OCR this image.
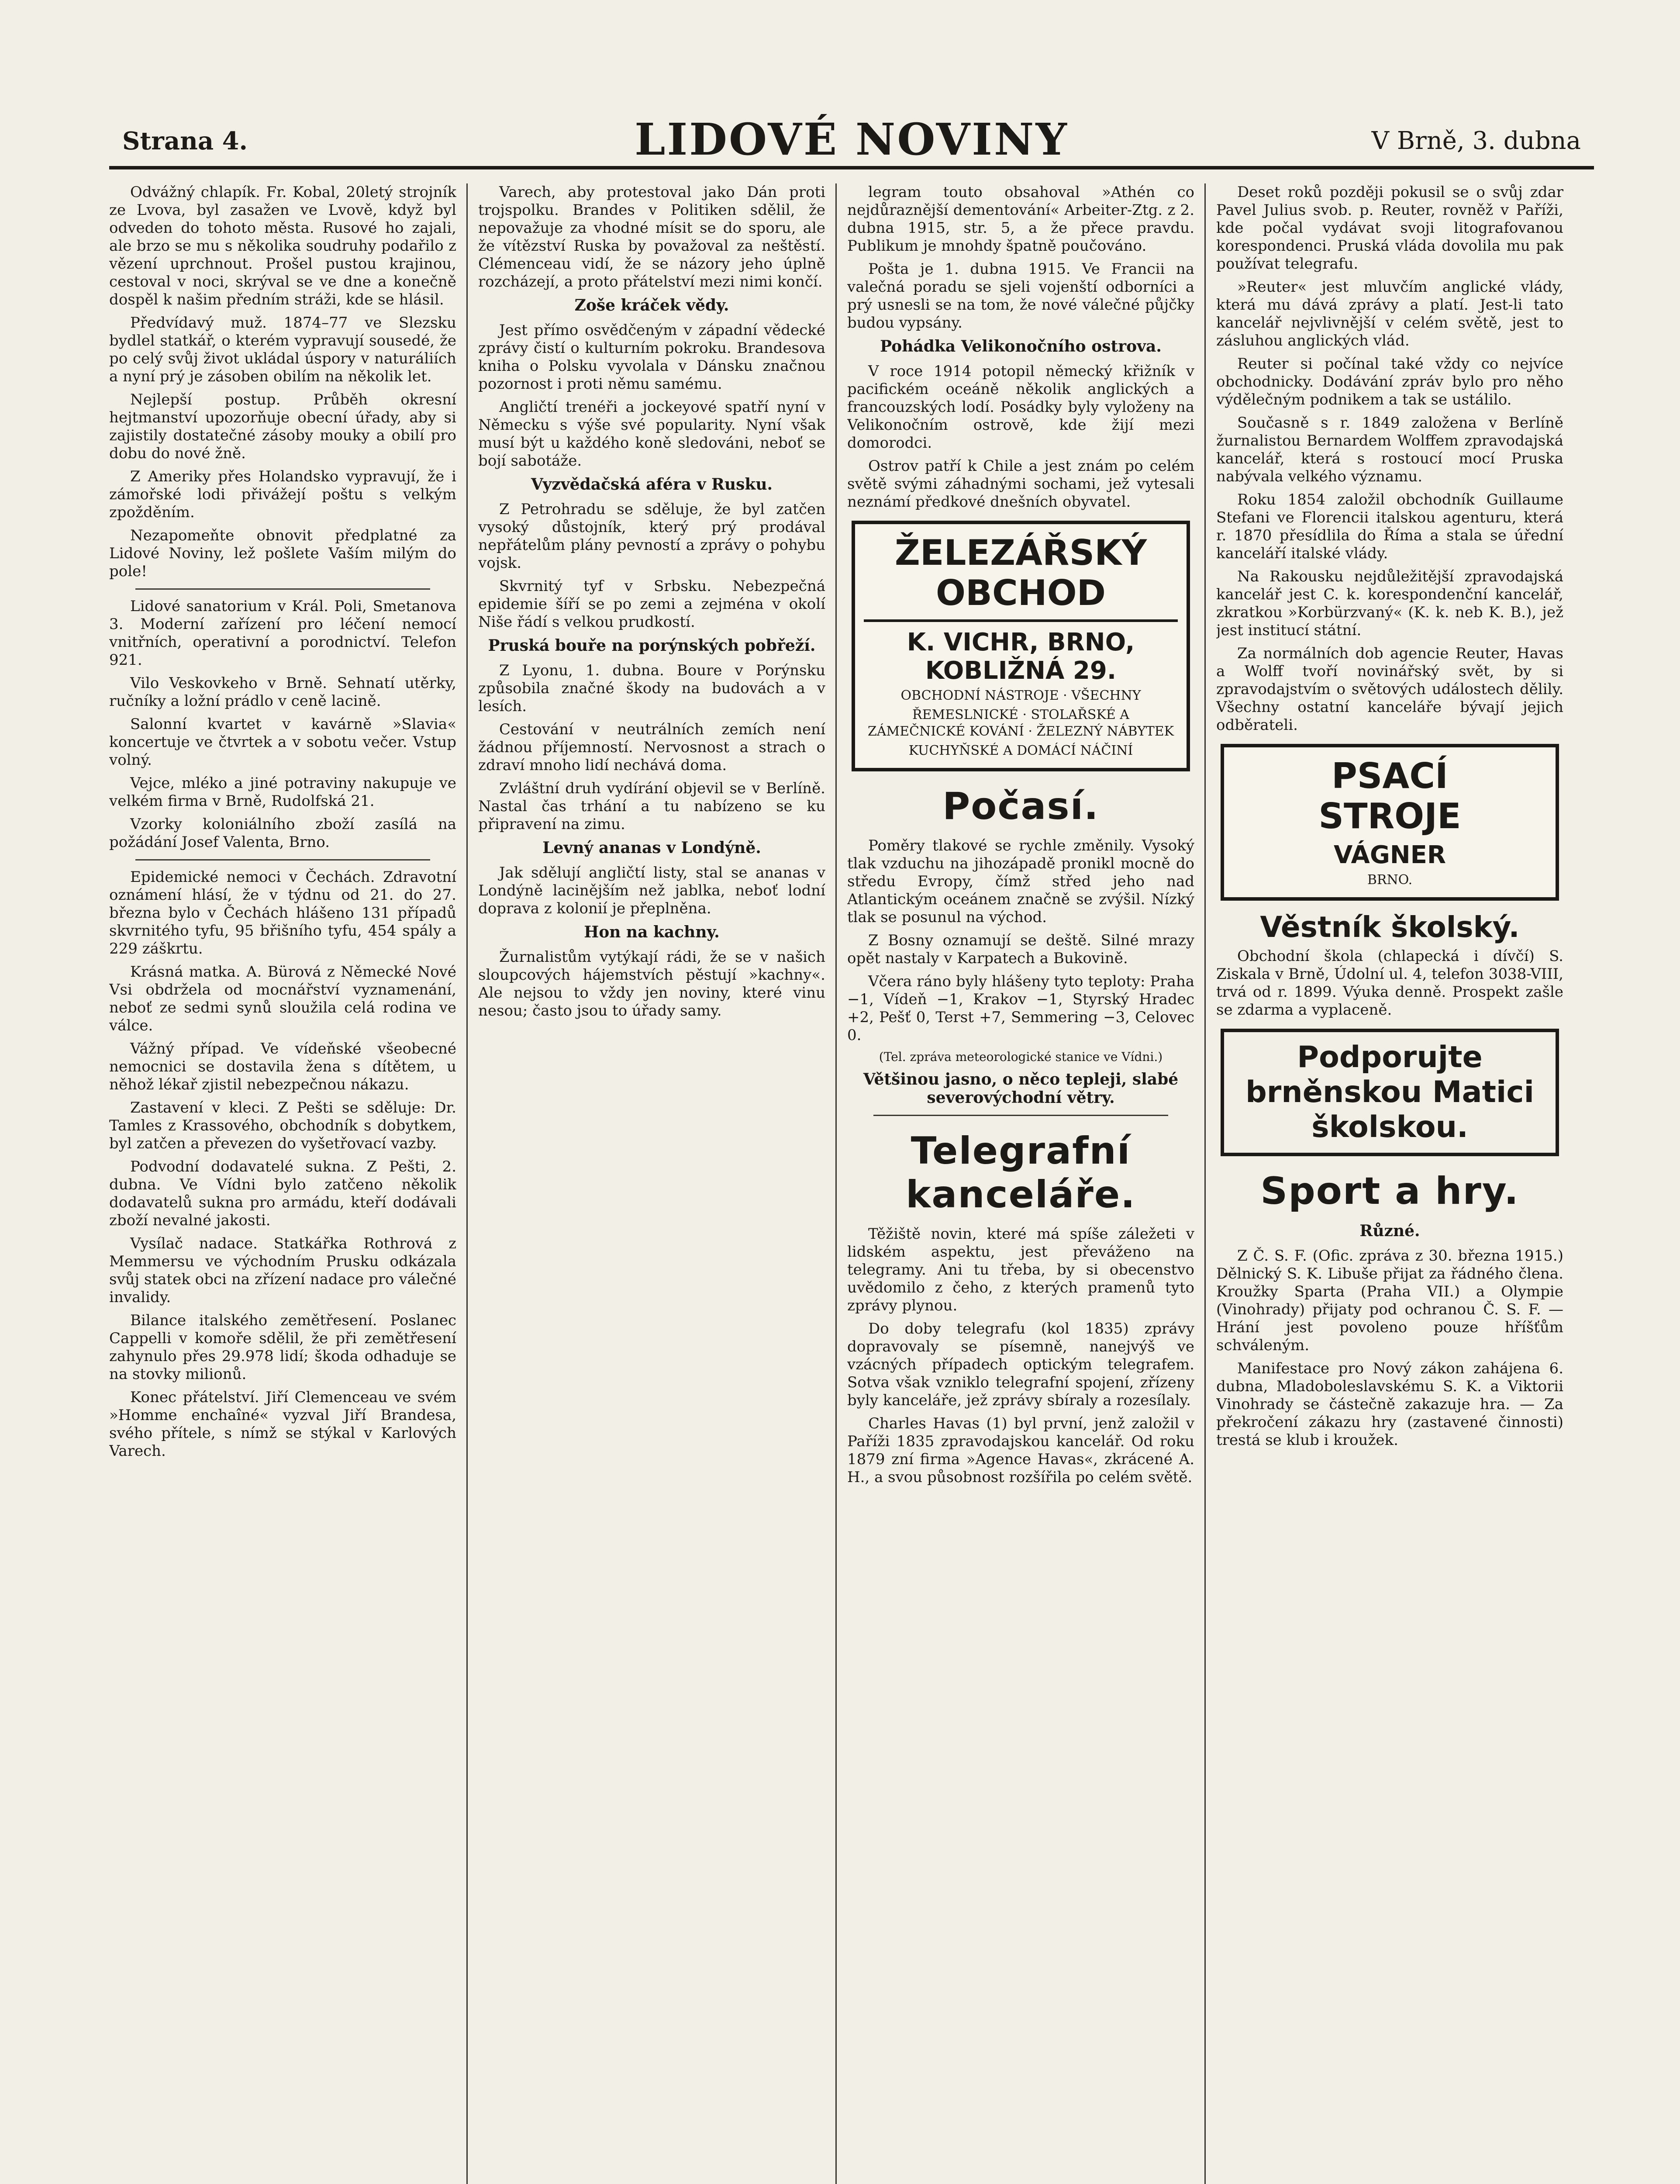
Strana 4.	LIDOVÉ NOVINY	V Brně, 3. dubna

Odvážný chlapík. Fr. Kobal, 20letý strojník ze Lvova, byl zasažen ve Lvově, když byl odveden do tohoto města. Rusové ho zajali, ale brzo se mu s několika soudruhy podařilo z vězení uprchnout. Prošel pustou krajinou, cestoval v noci, skrýval se ve dne a konečně dospěl k našim předním stráži, kde se hlásil.

Předvídavý muž. 1874–77 ve Slezsku bydlel statkář, o kterém vypravují sousedé, že po celý svůj život ukládal úspory v naturáliích a nyní prý je zásoben obilím na několik let.

Nejlepší postup. Průběh okresní hejtmanství upozorňuje obecní úřady, aby si zajistily dostatečné zásoby mouky a obilí pro dobu do nové žně.

Z Ameriky přes Holandsko vypravují, že i zámořské lodi přivážejí poštu s velkým zpožděním.

Nezapomeňte obnovit předplatné za Lidové Noviny, lež pošlete Vaším milým do pole!

Lidové sanatorium v Král. Poli, Smetanova 3. Moderní zařízení pro léčení nemocí vnitřních, operativní a porodnictví. Telefon 921.

Vilo Veskovkeho v Brně. Sehnatí utěrky, ručníky a ložní prádlo v ceně lacině.

Salonní kvartet v kavárně »Slavia« koncertuje ve čtvrtek a v sobotu večer. Vstup volný.

Vejce, mléko a jiné potraviny nakupuje ve velkém firma v Brně, Rudolfská 21.

Vzorky koloniálního zboží zasílá na požádání Josef Valenta, Brno.

Epidemické nemoci v Čechách. Zdravotní oznámení hlásí, že v týdnu od 21. do 27. března bylo v Čechách hlášeno 131 případů skvrnitého tyfu, 95 břišního tyfu, 454 spály a 229 záškrtu.

Krásná matka. A. Bürová z Německé Nové Vsi obdržela od mocnářství vyznamenání, neboť ze sedmi synů sloužila celá rodina ve válce.

Vážný případ. Ve vídeňské všeobecné nemocnici se dostavila žena s dítětem, u něhož lékař zjistil nebezpečnou nákazu.

Zastavení v kleci. Z Pešti se sděluje: Dr. Tamles z Krassového, obchodník s dobytkem, byl zatčen a převezen do vyšetřovací vazby.

Podvodní dodavatelé sukna. Z Pešti, 2. dubna. Ve Vídni bylo zatčeno několik dodavatelů sukna pro armádu, kteří dodávali zboží nevalné jakosti.

Vysílač nadace. Statkářka Rothrová z Memmersu ve východním Prusku odkázala svůj statek obci na zřízení nadace pro válečné invalidy.

Bilance italského zemětřesení. Poslanec Cappelli v komoře sdělil, že při zemětřesení zahynulo přes 29.978 lidí; škoda odhaduje se na stovky milionů.

Konec přátelství. Jiří Clemenceau ve svém »Homme enchaîné« vyzval Jiří Brandesa, svého přítele, s nímž se stýkal v Karlových Varech.

Varech, aby protestoval jako Dán proti trojspolku. Brandes v Politiken sdělil, že nepovažuje za vhodné mísit se do sporu, ale že vítězství Ruska by považoval za neštěstí. Clémenceau vidí, že se názory jeho úplně rozcházejí, a proto přátelství mezi nimi končí.

Zoše kráček vědy.

Jest přímo osvědčeným v západní vědecké zprávy čistí o kulturním pokroku. Brandesova kniha o Polsku vyvolala v Dánsku značnou pozornost i proti němu samému.

Angličtí trenéři a jockeyové spatří nyní v Německu s výše své popularity. Nyní však musí být u každého koně sledováni, neboť se bojí sabotáže.

Vyzvědačská aféra v Rusku.

Z Petrohradu se sděluje, že byl zatčen vysoký důstojník, který prý prodával nepřátelům plány pevností a zprávy o pohybu vojsk.

Skvrnitý tyf v Srbsku. Nebezpečná epidemie šíří se po zemi a zejména v okolí Niše řádí s velkou prudkostí.

Pruská bouře na porýnských pobřeží.

Z Lyonu, 1. dubna. Boure v Porýnsku způsobila značné škody na budovách a v lesích.

Cestování v neutrálních zemích není žádnou příjemností. Nervosnost a strach o zdraví mnoho lidí nechává doma.

Zvláštní druh vydírání objevil se v Berlíně. Nastal čas trhání a tu nabízeno se ku připravení na zimu.

Levný ananas v Londýně.

Jak sdělují angličtí listy, stal se ananas v Londýně lacinějším než jablka, neboť lodní doprava z kolonií je přeplněna.

Hon na kachny.

Žurnalistům vytýkají rádi, že se v našich sloupcových hájemstvích pěstují »kachny«. Ale nejsou to vždy jen noviny, které vinu nesou; často jsou to úřady samy.

legram touto obsahoval »Athén co nejdůraznější dementování« Arbeiter-Ztg. z 2. dubna 1915, str. 5, a že přece pravdu. Publikum je mnohdy špatně poučováno.

Pošta je 1. dubna 1915. Ve Francii na valečná poradu se sjeli vojenští odborníci a prý usnesli se na tom, že nové válečné půjčky budou vypsány.

Pohádka Velikonočního ostrova.

V roce 1914 potopil německý křižník v pacifickém oceáně několik anglických a francouzských lodí. Posádky byly vyloženy na Velikonočním ostrově, kde žijí mezi domorodci.

Ostrov patří k Chile a jest znám po celém světě svými záhadnými sochami, jež vytesali neznámí předkové dnešních obyvatel.

ŽELEZÁŘSKÝ OBCHOD
K. VICHR, BRNO, KOBLIŽNÁ 29.
OBCHODNÍ NÁSTROJE · VŠECHNY
ŘEMESLNICKÉ · STOLAŘSKÉ A ZÁMEČNICKÉ KOVÁNÍ · ŽELEZNÝ NÁBYTEK
KUCHYŇSKÉ A DOMÁCÍ NÁČINÍ
Počasí.

Poměry tlakové se rychle změnily. Vysoký tlak vzduchu na jihozápadě pronikl mocně do středu Evropy, čímž střed jeho nad Atlantickým oceánem značně se zvýšil. Nízký tlak se posunul na východ.

Z Bosny oznamují se deště. Silné mrazy opět nastaly v Karpatech a Bukovině.

Včera ráno byly hlášeny tyto teploty: Praha −1, Vídeň −1, Krakov −1, Styrský Hradec +2, Pešť 0, Terst +7, Semmering −3, Celovec 0.

(Tel. zpráva meteorologické stanice ve Vídni.)
Většinou jasno, o něco tepleji, slabé severovýchodní větry.
Telegrafní kanceláře.

Těžiště novin, které má spíše záležeti v lidském aspektu, jest převáženo na telegramy. Ani tu třeba, by si obecenstvo uvědomilo z čeho, z kterých pramenů tyto zprávy plynou.

Do doby telegrafu (kol 1835) zprávy dopravovaly se písemně, nanejvýš ve vzácných případech optickým telegrafem. Sotva však vzniklo telegrafní spojení, zřízeny byly kanceláře, jež zprávy sbíraly a rozesílaly.

Charles Havas (1) byl první, jenž založil v Paříži 1835 zpravodajskou kancelář. Od roku 1879 zní firma »Agence Havas«, zkrácené A. H., a svou působnost rozšířila po celém světě.

Deset roků později pokusil se o svůj zdar Pavel Julius svob. p. Reuter, rovněž v Paříži, kde počal vydávat svoji litografovanou korespondenci. Pruská vláda dovolila mu pak používat telegrafu.

»Reuter« jest mluvčím anglické vlády, která mu dává zprávy a platí. Jest-li tato kancelář nejvlivnější v celém světě, jest to zásluhou anglických vlád.

Reuter si počínal také vždy co nejvíce obchodnicky. Dodávání zpráv bylo pro něho výdělečným podnikem a tak se ustálilo.

Současně s r. 1849 založena v Berlíně žurnalistou Bernardem Wolffem zpravodajská kancelář, která s rostoucí mocí Pruska nabývala velkého významu.

Roku 1854 založil obchodník Guillaume Stefani ve Florencii italskou agenturu, která r. 1870 přesídlila do Říma a stala se úřední kanceláří italské vlády.

Na Rakousku nejdůležitější zpravodajská kancelář jest C. k. korespondenční kancelář, zkratkou »Korbürzvaný« (K. k. neb K. B.), jež jest institucí státní.

Za normálních dob agencie Reuter, Havas a Wolff tvoří novinářský svět, by si zpravodajstvím o světových událostech dělily. Všechny ostatní kanceláře bývají jejich odběrateli.

PSACÍ
STROJE
VÁGNER
BRNO.
Věstník školský.

Obchodní škola (chlapecká i dívčí) S. Ziskala v Brně, Údolní ul. 4, telefon 3038-VIII, trvá od r. 1899. Výuka denně. Prospekt zašle se zdarma a vyplaceně.

Podporujte brněnskou Matici školskou.
Sport a hry.
Různé.

Z Č. S. F. (Ofic. zpráva z 30. března 1915.) Dělnický S. K. Libuše přijat za řádného člena. Kroužky Sparta (Praha VII.) a Olympie (Vinohrady) přijaty pod ochranou Č. S. F. — Hrání jest povoleno pouze hříšťům schváleným.

Manifestace pro Nový zákon zahájena 6. dubna, Mladoboleslavskému S. K. a Viktorii Vinohrady se částečně zakazuje hra. — Za překročení zákazu hry (zastavené činnosti) trestá se klub i kroužek.
